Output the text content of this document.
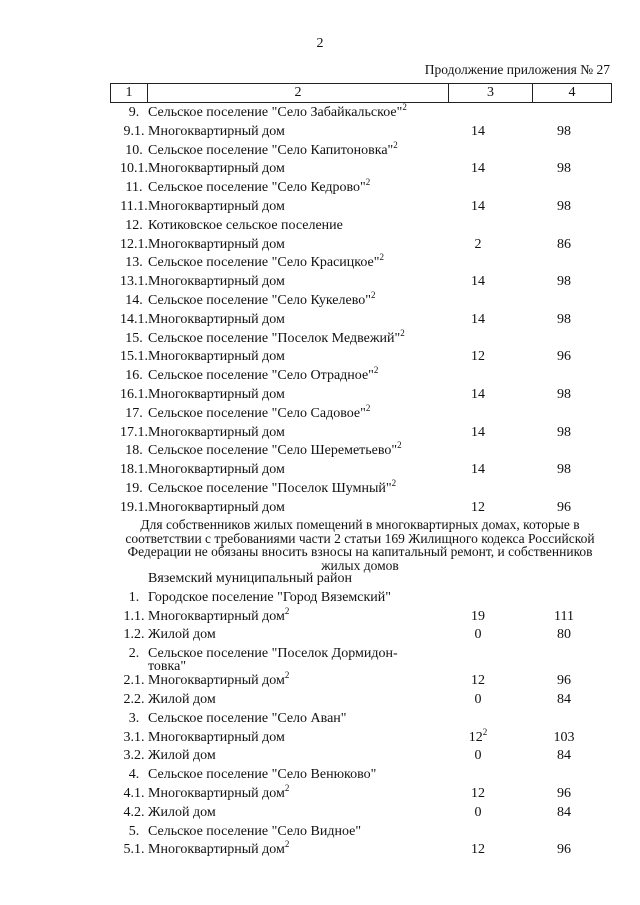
2
Продолжение приложения № 27
1	2	3	4
9. Сельское поселение "Село Забайкальское"$^2$
9.1. Многоквартирный дом	14	98
10. Сельское поселение "Село Капитоновка"$^2$
10.1. Многоквартирный дом	14	98
11. Сельское поселение "Село Кедрово"$^2$
11.1. Многоквартирный дом	14	98
12. Котиковское сельское поселение
12.1. Многоквартирный дом	2	86
13. Сельское поселение "Село Красицкое"$^2$
13.1. Многоквартирный дом	14	98
14. Сельское поселение "Село Кукелево"$^2$
14.1. Многоквартирный дом	14	98
15. Сельское поселение "Поселок Медвежий"$^2$
15.1. Многоквартирный дом	12	96
16. Сельское поселение "Село Отрадное"$^2$
16.1. Многоквартирный дом	14	98
17. Сельское поселение "Село Садовое"$^2$
17.1. Многоквартирный дом	14	98
18. Сельское поселение "Село Шереметьево"$^2$
18.1. Многоквартирный дом	14	98
19. Сельское поселение "Поселок Шумный"$^2$
19.1. Многоквартирный дом	12	96
Для собственников жилых помещений в многоквартирных домах, которые в соответствии с требованиями части 2 статьи 169 Жилищного кодекса Российской Федерации не обязаны вносить взносы на капитальный ремонт, и собственников жилых домов
Вяземский муниципальный район
1. Городское поселение "Город Вяземский"
1.1. Многоквартирный дом$^2$	19	111
1.2. Жилой дом	0	80
2. Сельское поселение "Поселок Дормидон-
товка"
2.1. Многоквартирный дом$^2$	12	96
2.2. Жилой дом	0	84
3. Сельское поселение "Село Аван"
3.1. Многоквартирный дом	$12^2$	103
3.2. Жилой дом	0	84
4. Сельское поселение "Село Венюково"
4.1. Многоквартирный дом$^2$	12	96
4.2. Жилой дом	0	84
5. Сельское поселение "Село Видное"
5.1. Многоквартирный дом$^2$	12	96
